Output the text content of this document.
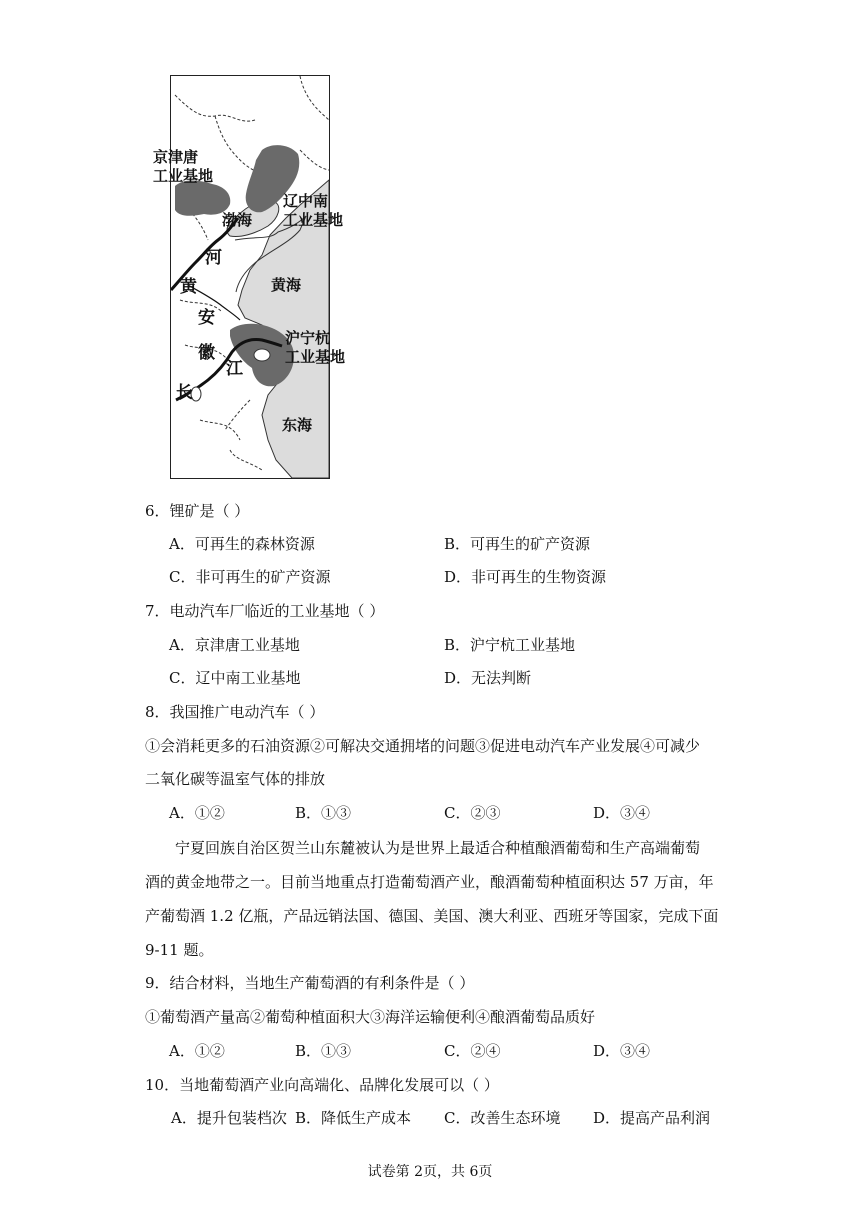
京津唐
工业基地
辽中南
工业基地
渤海
黄海
沪宁杭
工业基地
东海
河
黄
安
徽
江
长
6．锂矿是（ ）
A．可再生的森林资源	B．可再生的矿产资源
C．非可再生的矿产资源	D．非可再生的生物资源
7．电动汽车厂临近的工业基地（ ）
A．京津唐工业基地	B．沪宁杭工业基地
C．辽中南工业基地	D．无法判断
8．我国推广电动汽车（ ）
①会消耗更多的石油资源②可解决交通拥堵的问题③促进电动汽车产业发展④可减少
二氧化碳等温室气体的排放
A．①②	B．①③	C．②③	D．③④
宁夏回族自治区贺兰山东麓被认为是世界上最适合种植酿酒葡萄和生产高端葡萄
酒的黄金地带之一。目前当地重点打造葡萄酒产业，酿酒葡萄种植面积达 57 万亩，年
产葡萄酒 1.2 亿瓶，产品远销法国、德国、美国、澳大利亚、西班牙等国家，完成下面
9-11 题。
9．结合材料，当地生产葡萄酒的有利条件是（ ）
①葡萄酒产量高②葡萄种植面积大③海洋运输便利④酿酒葡萄品质好
A．①②	B．①③	C．②④	D．③④
10．当地葡萄酒产业向高端化、品牌化发展可以（ ）
A．提升包装档次 B．降低生产成本 C．改善生态环境 D．提高产品利润
试卷第 2页，共 6页
